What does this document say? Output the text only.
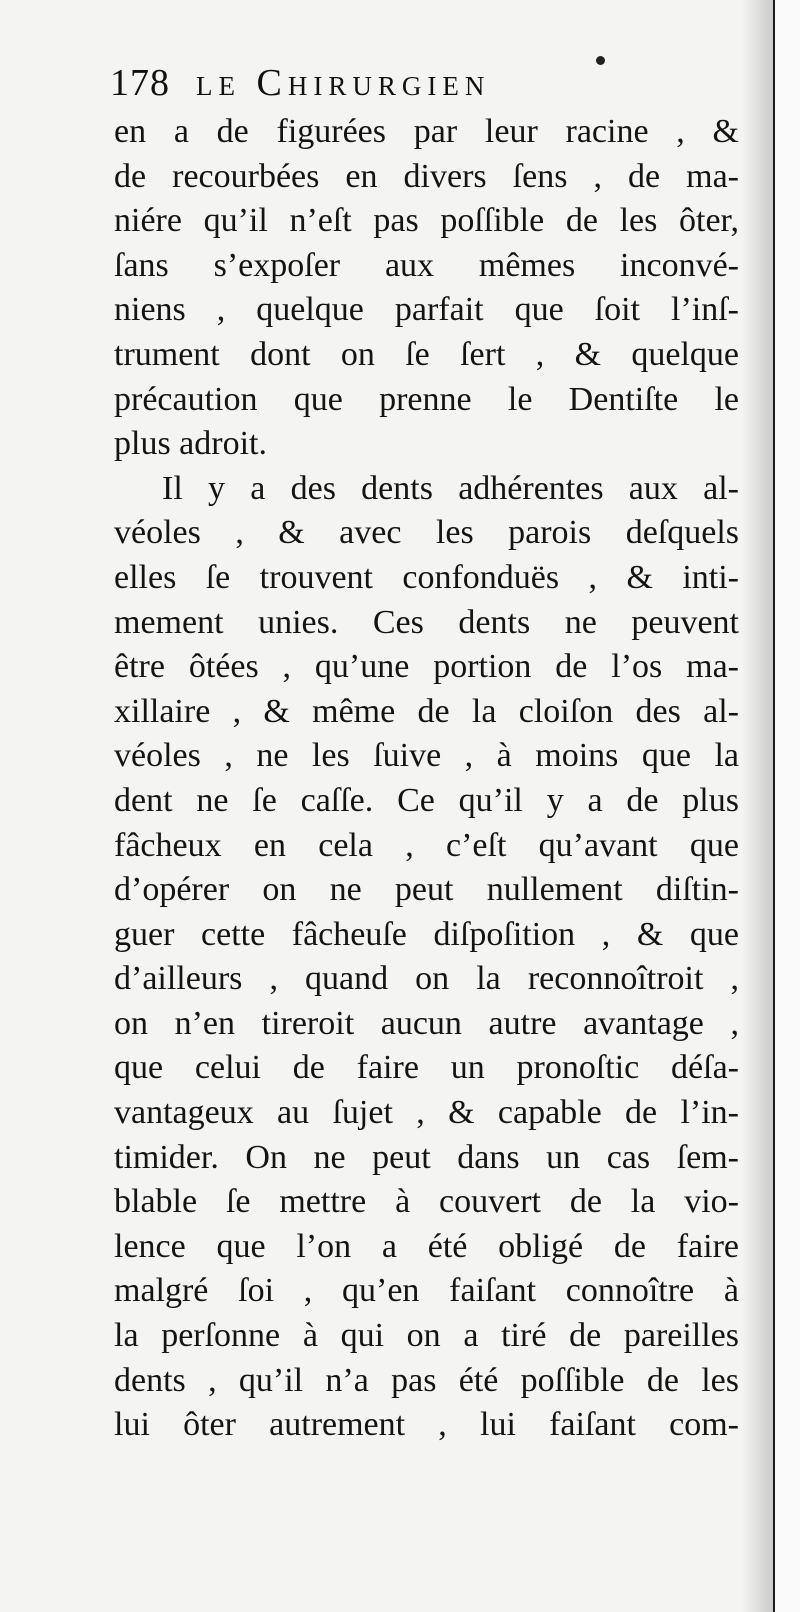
178 le Chirurgien
en a de figurées par leur racine , &
de recourbées en divers ſens , de ma-
niére qu’il n’eſt pas poſſible de les ôter,
ſans s’expoſer aux mêmes inconvé-
niens , quelque parfait que ſoit l’inſ-
trument dont on ſe ſert , & quelque
précaution que prenne le Dentiſte le
plus adroit.
Il y a des dents adhérentes aux al-
véoles , & avec les parois deſquels
elles ſe trouvent confonduës , & inti-
mement unies. Ces dents ne peuvent
être ôtées , qu’une portion de l’os ma-
xillaire , & même de la cloiſon des al-
véoles , ne les ſuive , à moins que la
dent ne ſe caſſe. Ce qu’il y a de plus
fâcheux en cela , c’eſt qu’avant que
d’opérer on ne peut nullement diſtin-
guer cette fâcheuſe diſpoſition , & que
d’ailleurs , quand on la reconnoîtroit ,
on n’en tireroit aucun autre avantage ,
que celui de faire un pronoſtic déſa-
vantageux au ſujet , & capable de l’in-
timider. On ne peut dans un cas ſem-
blable ſe mettre à couvert de la vio-
lence que l’on a été obligé de faire
malgré ſoi , qu’en faiſant connoître à
la perſonne à qui on a tiré de pareilles
dents , qu’il n’a pas été poſſible de les
lui ôter autrement , lui faiſant com-
